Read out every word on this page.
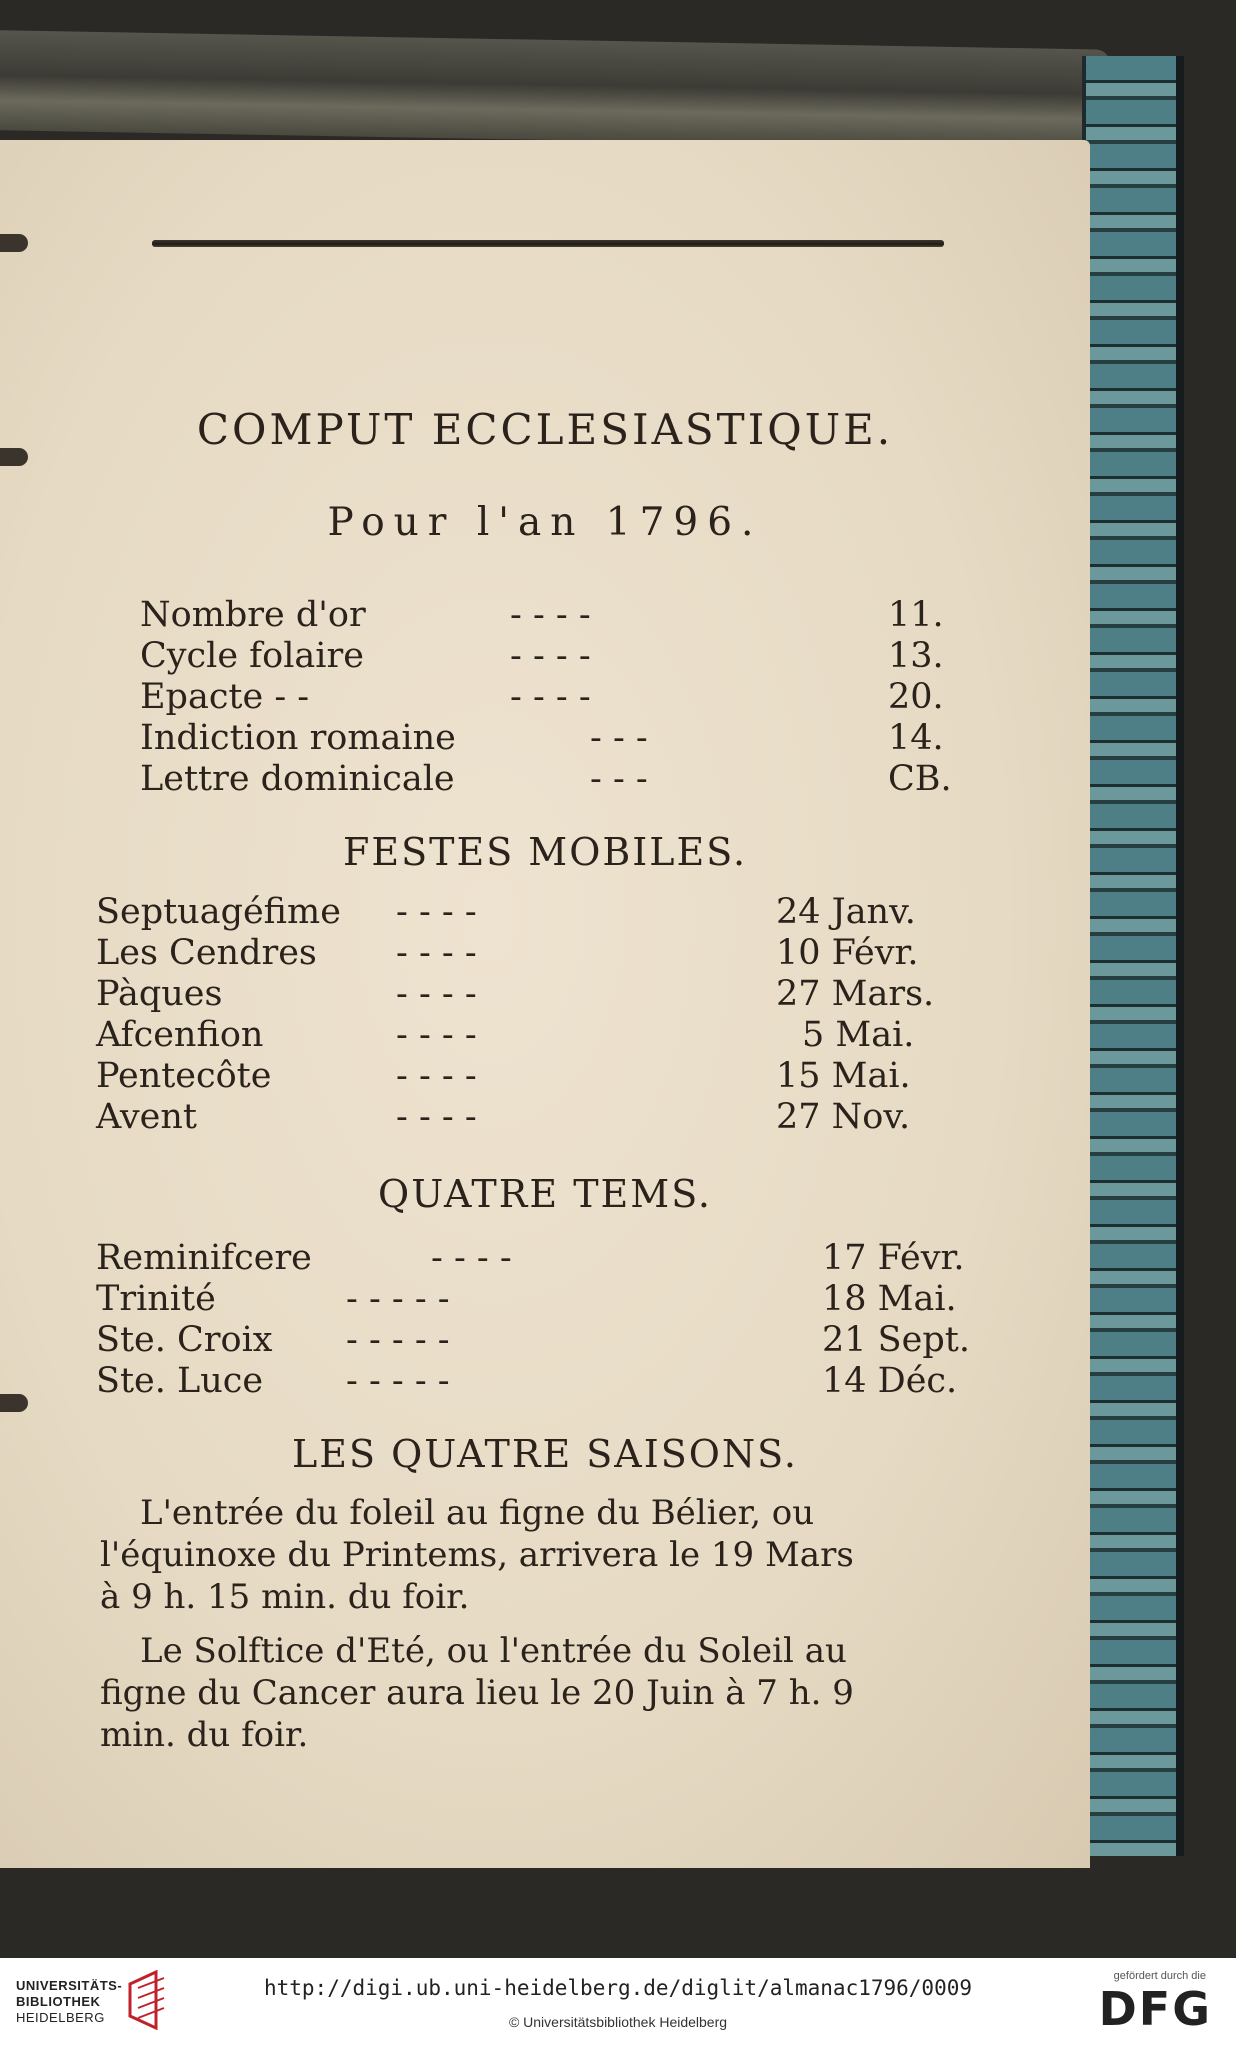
COMPUT ECCLESIASTIQUE.
Pour l'an 1796.
Nombre d'or	- - - -	11.
Cycle folaire	- - - -	13.
Epacte - -	- - - -	20.
Indiction romaine	- - -	14.
Lettre dominicale	- - -	CB.
FESTES MOBILES.
Septuagéfime - - - -	24 Janv.
Les Cendres - - - -	10 Févr.
Pàques	- - - -	27 Mars.
Afcenfion	- - - -	5 Mai.
Pentecôte	- - - -	15 Mai.
Avent	- - - -	27 Nov.
QUATRE TEMS.
Reminifcere	- - - -	17 Févr.
Trinité	- - - - -	18 Mai.
Ste. Croix - - - - -	21 Sept.
Ste. Luce - - - - -	14 Déc.
LES QUATRE SAISONS.
L'entrée du foleil au figne du Bélier, ou
l'équinoxe du Printems, arrivera le 19 Mars
à 9 h. 15 min. du foir.
Le Solftice d'Eté, ou l'entrée du Soleil au
figne du Cancer aura lieu le 20 Juin à 7 h. 9
min. du foir.
UNIVERSITÄTS-
BIBLIOTHEK
HEIDELBERG
http://digi.ub.uni-heidelberg.de/diglit/almanac1796/0009
© Universitätsbibliothek Heidelberg
gefördert durch die
DFG
